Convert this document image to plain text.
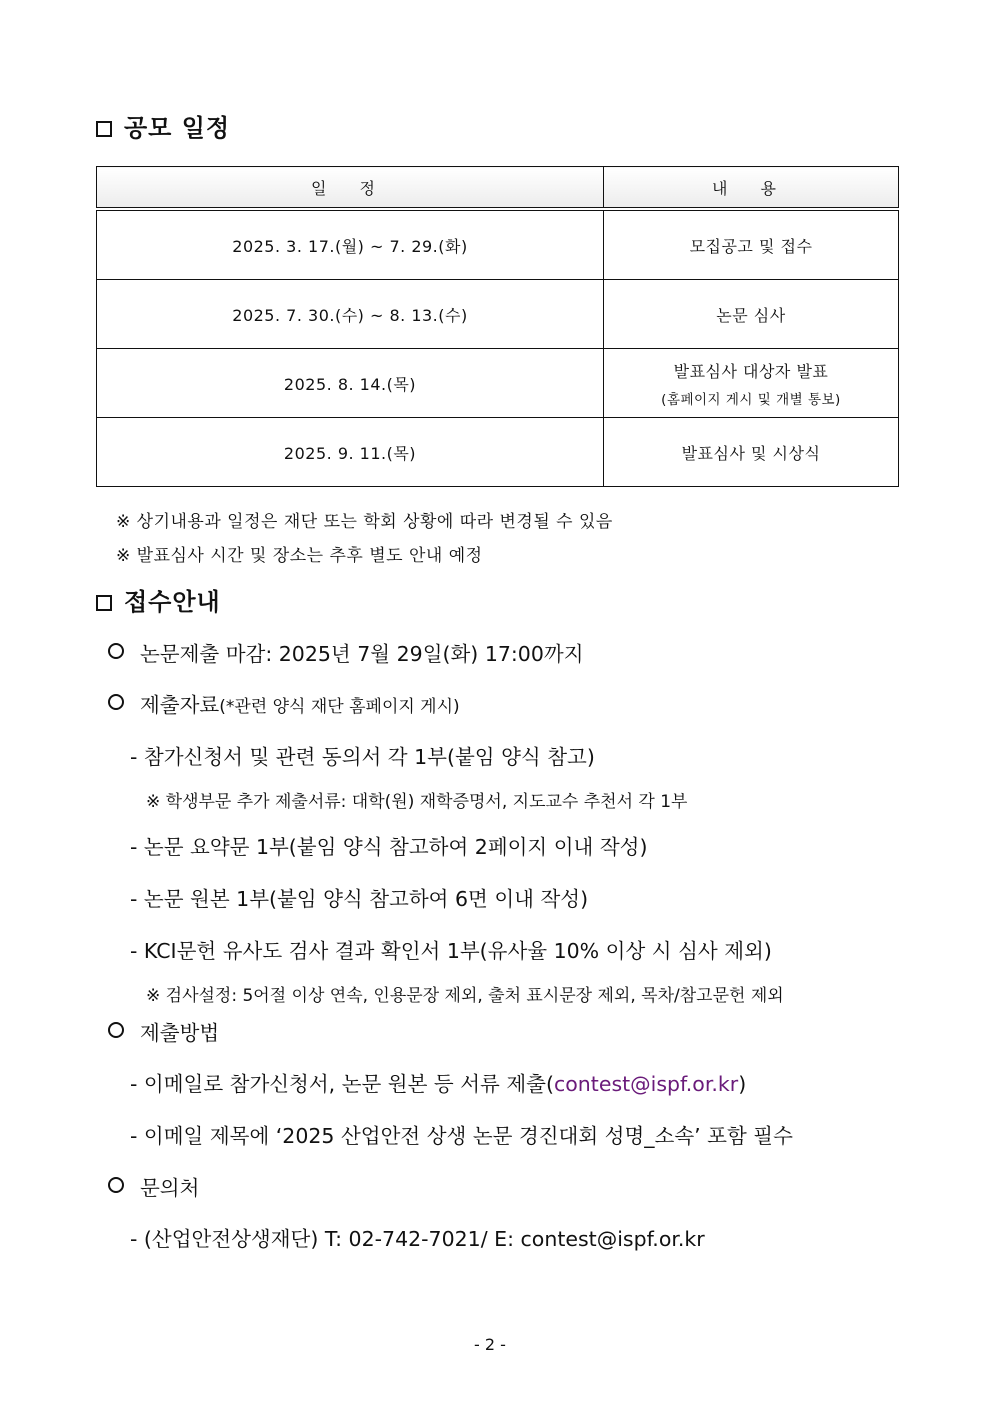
공모 일정
일 정	내 용
2025. 3. 17.(월) ~ 7. 29.(화)	모집공고 및 접수
2025. 7. 30.(수) ~ 8. 13.(수)	논문 심사
2025. 8. 14.(목)	발표심사 대상자 발표
(홈페이지 게시 및 개별 통보)

2025. 9. 11.(목)	발표심사 및 시상식
※ 상기내용과 일정은 재단 또는 학회 상황에 따라 변경될 수 있음
※ 발표심사 시간 및 장소는 추후 별도 안내 예정
접수안내
논문제출 마감: 2025년 7월 29일(화) 17:00까지
제출자료(*관련 양식 재단 홈페이지 게시)
- 참가신청서 및 관련 동의서 각 1부(붙임 양식 참고)
※ 학생부문 추가 제출서류: 대학(원) 재학증명서, 지도교수 추천서 각 1부
- 논문 요약문 1부(붙임 양식 참고하여 2페이지 이내 작성)
- 논문 원본 1부(붙임 양식 참고하여 6면 이내 작성)
- KCI문헌 유사도 검사 결과 확인서 1부(유사율 10% 이상 시 심사 제외)
※ 검사설정: 5어절 이상 연속, 인용문장 제외, 출처 표시문장 제외, 목차/참고문헌 제외
제출방법
- 이메일로 참가신청서, 논문 원본 등 서류 제출(contest@ispf.or.kr)
- 이메일 제목에 ‘2025 산업안전 상생 논문 경진대회 성명_소속’ 포함 필수
문의처
- (산업안전상생재단) T: 02-742-7021/ E: contest@ispf.or.kr
- 2 -
